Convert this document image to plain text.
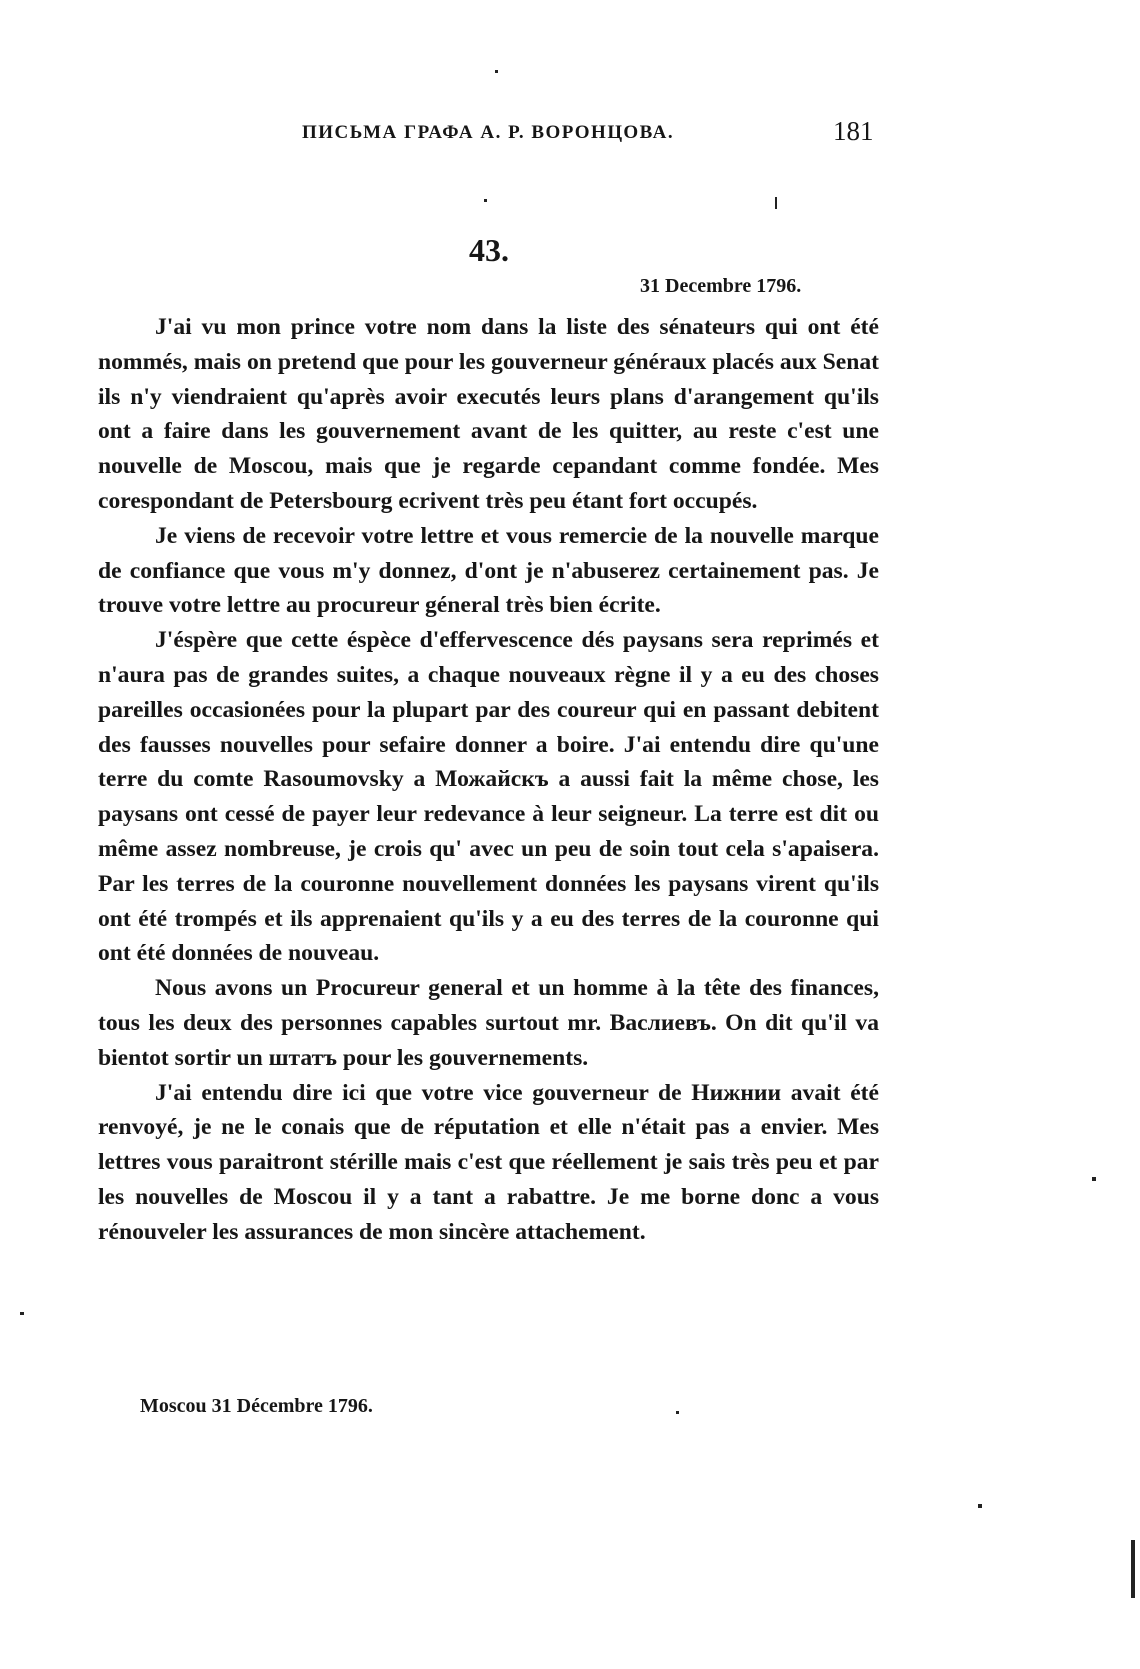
ПИСЬМА ГРАФА А. Р. ВОРОНЦОВА.	181
43.
31 Decembre 1796.

J'ai vu mon prince votre nom dans la liste des sénateurs qui ont été nommés, mais on pretend que pour les gouverneur généraux placés aux Senat ils n'y viendraient qu'après avoir executés leurs plans d'arangement qu'ils ont a faire dans les gouvernement avant de les quitter, au reste c'est une nouvelle de Moscou, mais que je regarde cepandant comme fondée. Mes corespondant de Petersbourg ecrivent très peu étant fort occupés.

Je viens de recevoir votre lettre et vous remercie de la nouvelle marque de confiance que vous m'y donnez, d'ont je n'abuserez certainement pas. Je trouve votre lettre au procureur géneral très bien écrite.

J'éspère que cette éspèce d'effervescence dés paysans sera reprimés et n'aura pas de grandes suites, a chaque nouveaux règne il y a eu des choses pareilles occasionées pour la plupart par des coureur qui en passant debitent des fausses nouvelles pour sefaire donner a boire. J'ai entendu dire qu'une terre du comte Rasoumovsky a Можайскъ a aussi fait la même chose, les paysans ont cessé de payer leur redevance à leur seigneur. La terre est dit ou même assez nombreuse, je crois qu' avec un peu de soin tout cela s'apaisera. Par les terres de la couronne nouvellement données les paysans virent qu'ils ont été trompés et ils apprenaient qu'ils y a eu des terres de la couronne qui ont été données de nouveau.

Nous avons un Procureur general et un homme à la tête des finances, tous les deux des personnes capables surtout mr. Васлиевъ. On dit qu'il va bientot sortir un штатъ pour les gouvernements.

J'ai entendu dire ici que votre vice gouverneur de Нижнии avait été renvoyé, je ne le conais que de réputation et elle n'était pas a envier. Mes lettres vous paraitront stérille mais c'est que réellement je sais très peu et par les nouvelles de Moscou il y a tant a rabattre. Je me borne donc a vous rénouveler les assurances de mon sincère attachement.

Moscou 31 Décembre 1796.
